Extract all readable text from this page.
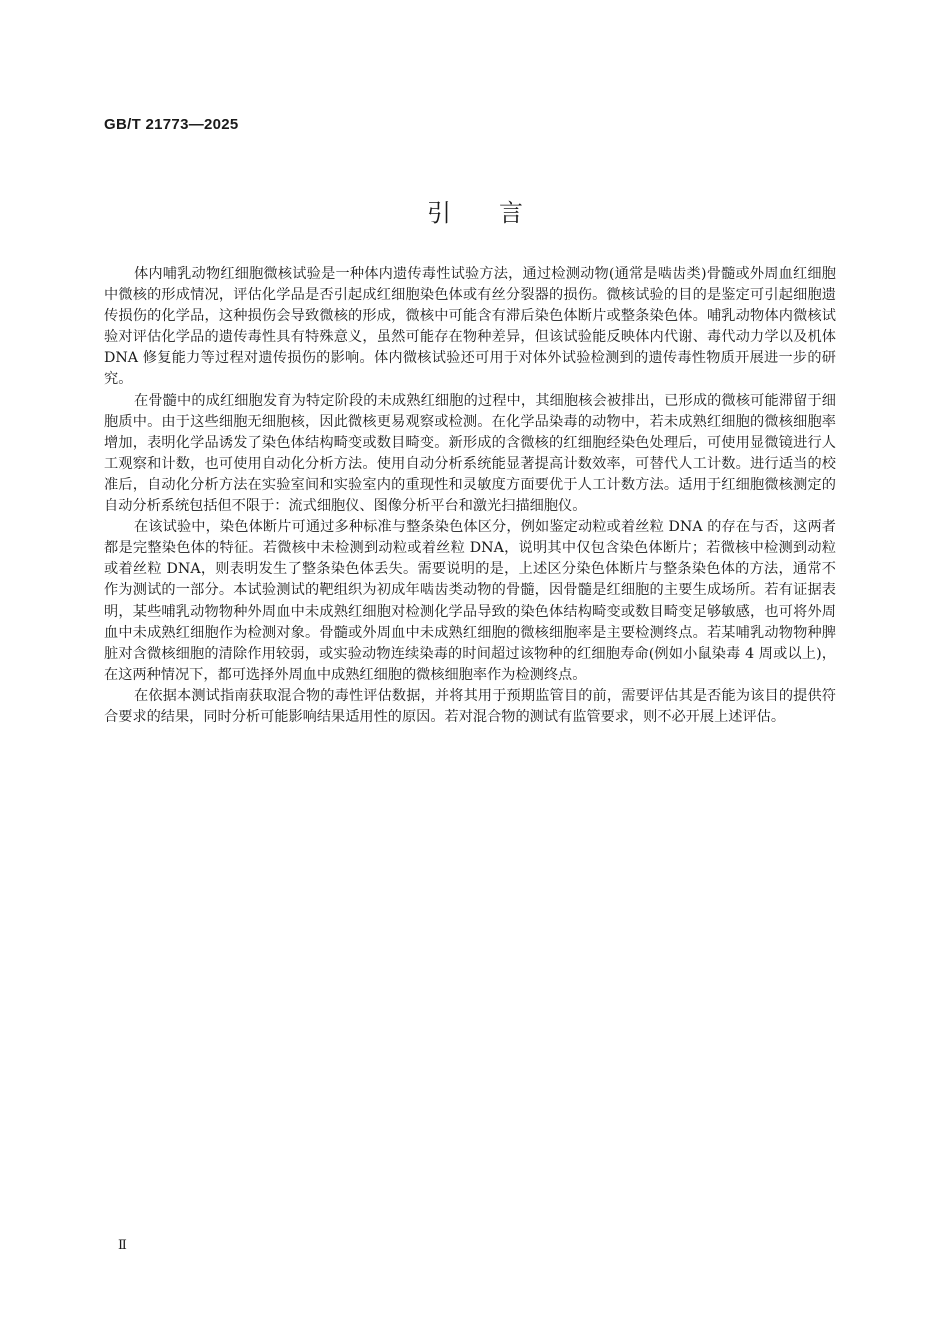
GB/T 21773—2025
引言

体内哺乳动物红细胞微核试验是一种体内遗传毒性试验方法，通过检测动物(通常是啮齿类)骨髓或外周血红细胞中微核的形成情况，评估化学品是否引起成红细胞染色体或有丝分裂器的损伤。微核试验的目的是鉴定可引起细胞遗传损伤的化学品，这种损伤会导致微核的形成，微核中可能含有滞后染色体断片或整条染色体。哺乳动物体内微核试验对评估化学品的遗传毒性具有特殊意义，虽然可能存在物种差异，但该试验能反映体内代谢、毒代动力学以及机体 DNA 修复能力等过程对遗传损伤的影响。体内微核试验还可用于对体外试验检测到的遗传毒性物质开展进一步的研究。

在骨髓中的成红细胞发育为特定阶段的未成熟红细胞的过程中，其细胞核会被排出，已形成的微核可能滞留于细胞质中。由于这些细胞无细胞核，因此微核更易观察或检测。在化学品染毒的动物中，若未成熟红细胞的微核细胞率增加，表明化学品诱发了染色体结构畸变或数目畸变。新形成的含微核的红细胞经染色处理后，可使用显微镜进行人工观察和计数，也可使用自动化分析方法。使用自动分析系统能显著提高计数效率，可替代人工计数。进行适当的校准后，自动化分析方法在实验室间和实验室内的重现性和灵敏度方面要优于人工计数方法。适用于红细胞微核测定的自动分析系统包括但不限于：流式细胞仪、图像分析平台和激光扫描细胞仪。

在该试验中，染色体断片可通过多种标准与整条染色体区分，例如鉴定动粒或着丝粒 DNA 的存在与否，这两者都是完整染色体的特征。若微核中未检测到动粒或着丝粒 DNA，说明其中仅包含染色体断片；若微核中检测到动粒或着丝粒 DNA，则表明发生了整条染色体丢失。需要说明的是，上述区分染色体断片与整条染色体的方法，通常不作为测试的一部分。本试验测试的靶组织为初成年啮齿类动物的骨髓，因骨髓是红细胞的主要生成场所。若有证据表明，某些哺乳动物物种外周血中未成熟红细胞对检测化学品导致的染色体结构畸变或数目畸变足够敏感，也可将外周血中未成熟红细胞作为检测对象。骨髓或外周血中未成熟红细胞的微核细胞率是主要检测终点。若某哺乳动物物种脾脏对含微核细胞的清除作用较弱，或实验动物连续染毒的时间超过该物种的红细胞寿命(例如小鼠染毒 4 周或以上)，在这两种情况下，都可选择外周血中成熟红细胞的微核细胞率作为检测终点。

在依据本测试指南获取混合物的毒性评估数据，并将其用于预期监管目的前，需要评估其是否能为该目的提供符合要求的结果，同时分析可能影响结果适用性的原因。若对混合物的测试有监管要求，则不必开展上述评估。

Ⅱ
